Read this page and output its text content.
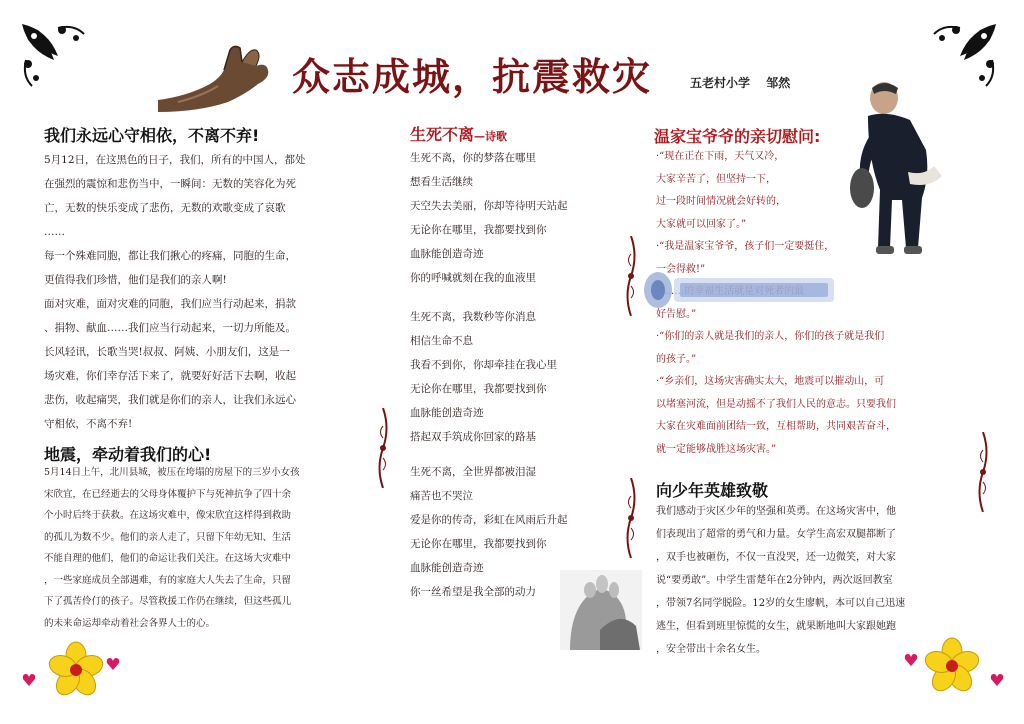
众志成城，抗震救灾	五老村小学 邹然
我们永远心守相依，不离不弃!
5月12日，在这黑色的日子，我们，所有的中国人，都处
在强烈的震惊和悲伤当中，一瞬间：无数的笑容化为死
亡，无数的快乐变成了悲伤，无数的欢歌变成了哀歌
……
每一个殊难同胞，都让我们揪心的疼痛，同胞的生命，
更值得我们珍惜，他们是我们的亲人啊!
面对灾难，面对灾难的同胞，我们应当行动起来，捐款
、捐物、献血……我们应当行动起来，一切力所能及。
长风轻讯，长歌当哭!叔叔、阿姨、小朋友们，这是一
场灾难，你们幸存活下来了，就要好好活下去啊，收起
悲伤，收起痛哭，我们就是你们的亲人，让我们永远心
守相依，不离不弃!
地震，牵动着我们的心!
5月14日上午，北川县城，被压在垮塌的房屋下的三岁小女孩
宋欣宜，在已经逝去的父母身体覆护下与死神抗争了四十余
个小时后终于获救。在这场灾难中，像宋欣宜这样得到救助
的孤儿为数不少。他们的亲人走了，只留下年幼无知、生活
不能自理的他们，他们的命运让我们关注。在这场大灾难中
，一些家庭成员全部遇难，有的家庭大人失去了生命，只留
下了孤苦伶仃的孩子。尽管救援工作仍在继续，但这些孤儿
的未来命运却牵动着社会各界人士的心。
生死不离—诗歌
生死不离，你的梦落在哪里
想看生活继续
天空失去美丽，你却等待明天站起
无论你在哪里，我都要找到你
血脉能创造奇迹
你的呼喊就刻在我的血液里
生死不离，我数秒等你消息
相信生命不息
我看不到你，你却牵挂在我心里
无论你在哪里，我都要找到你
血脉能创造奇迹
搭起双手筑成你回家的路基
生死不离，全世界都被泪湿
痛苦也不哭泣
爱是你的传奇，彩虹在风雨后升起
无论你在哪里，我都要找到你
血脉能创造奇迹
你一丝希望是我全部的动力
温家宝爷爷的亲切慰问:
·“现在正在下雨，天气又冷，
大家辛苦了，但坚持一下，
过一段时间情况就会好转的，
大家就可以回家了。”
·“我是温家宝爷爷，孩子们一定要挺住，
一会得救!”
好告慰。”
·“你们的亲人就是我们的亲人，你们的孩子就是我们
的孩子。”
·“乡亲们，这场灾害确实太大，地震可以摧动山，可
以堵塞河流，但是动摇不了我们人民的意志。只要我们
大家在灾难面前团结一致，互相帮助，共同艰苦奋斗，
就一定能够战胜这场灾害。”
向少年英雄致敬
我们感动于灾区少年的坚强和英勇。在这场灾害中，他
们表现出了超常的勇气和力量。女学生高宏双腿都断了
，双手也被砸伤，不仅一直没哭，还一边微笑，对大家
说“要勇敢”。中学生雷楚年在2分钟内，两次返回教室
，带领7名同学脱险。12岁的女生廖帆，本可以自己迅速
逃生，但看到班里惊慌的女生，就果断地叫大家跟她跑
，安全带出十余名女生。
